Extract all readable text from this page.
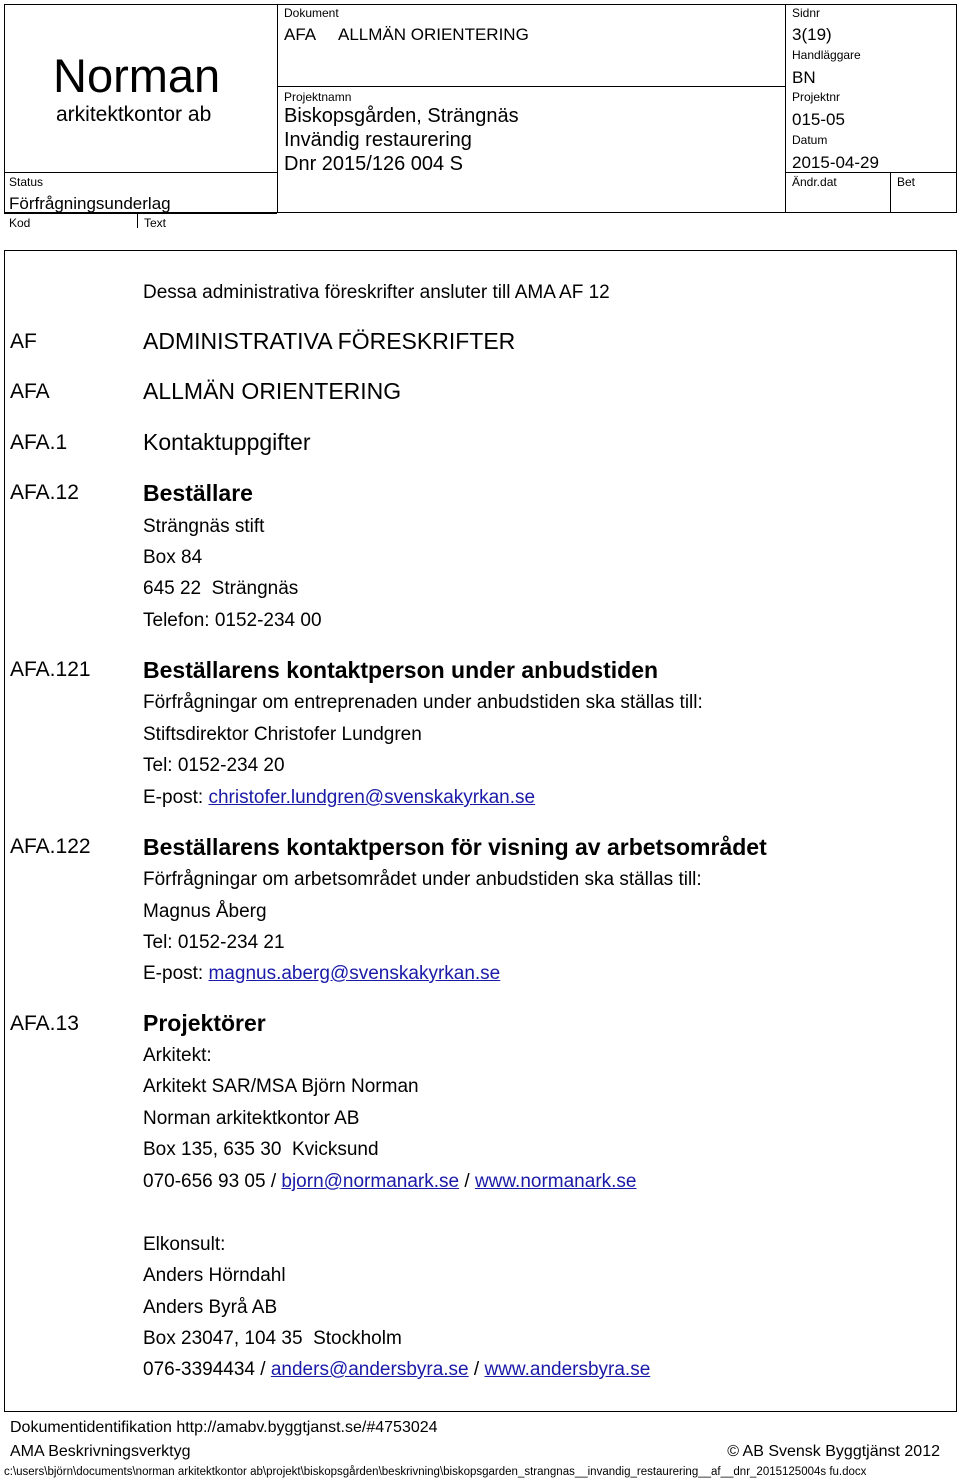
Norman
arkitektkontor ab
Status
Förfrågningsunderlag
Kod	Text
Dokument
AFA ALLMÄN ORIENTERING
Projektnamn
Biskopsgården, Strängnäs
Invändig restaurering
Dnr 2015/126 004 S
Sidnr
3(19)
Handläggare
BN
Projektnr
015-05
Datum
2015-04-29
Ändr.dat	Bet
Dessa administrativa föreskrifter ansluter till AMA AF 12
AF	ADMINISTRATIVA FÖRESKRIFTER
AFA	ALLMÄN ORIENTERING
AFA.1	Kontaktuppgifter
AFA.12	Beställare
Strängnäs stift
Box 84
645 22  Strängnäs
Telefon: 0152-234 00
AFA.121 Beställarens kontaktperson under anbudstiden
Förfrågningar om entreprenaden under anbudstiden ska ställas till:
Stiftsdirektor Christofer Lundgren
Tel: 0152-234 20
E-post: christofer.lundgren@svenskakyrkan.se
AFA.122 Beställarens kontaktperson för visning av arbetsområdet
Förfrågningar om arbetsområdet under anbudstiden ska ställas till:
Magnus Åberg
Tel: 0152-234 21
E-post: magnus.aberg@svenskakyrkan.se
AFA.13	Projektörer
Arkitekt:
Arkitekt SAR/MSA Björn Norman
Norman arkitektkontor AB
Box 135, 635 30  Kvicksund
070-656 93 05 / bjorn@normanark.se / www.normanark.se
Elkonsult:
Anders Hörndahl
Anders Byrå AB
Box 23047, 104 35  Stockholm
076-3394434 / anders@andersbyra.se / www.andersbyra.se
Dokumentidentifikation http://amabv.byggtjanst.se/#4753024
AMA Beskrivningsverktyg	© AB Svensk Byggtjänst 2012
c:\users\björn\documents\norman arkitektkontor ab\projekt\biskopsgården\beskrivning\biskopsgarden_strangnas__invandig_restaurering__af__dnr_2015125004s fu.docx
